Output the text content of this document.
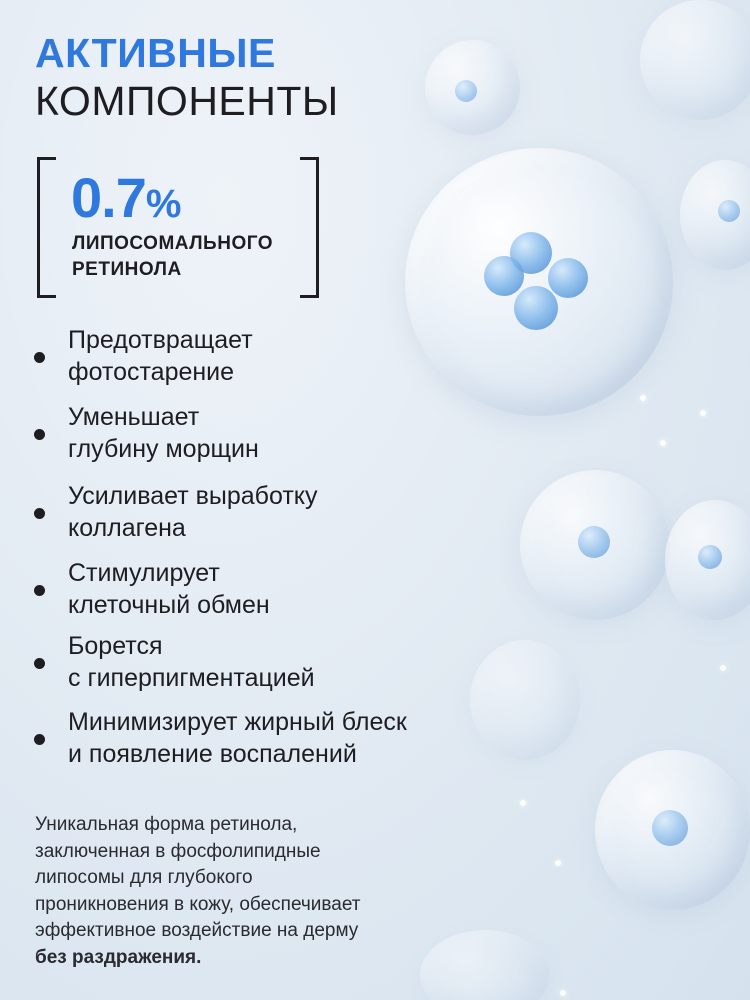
АКТИВНЫЕ
КОМПОНЕНТЫ
0.7%
ЛИПОСОМАЛЬНОГО
РЕТИНОЛА
Предотвращает
фотостарение
Уменьшает
глубину морщин
Усиливает выработку
коллагена
Стимулирует
клеточный обмен
Борется
с гиперпигментацией
Минимизирует жирный блеск
и появление воспалений
Уникальная форма ретинола,
заключенная в фосфолипидные
липосомы для глубокого
проникновения в кожу, обеспечивает
эффективное воздействие на дерму
без раздражения.
